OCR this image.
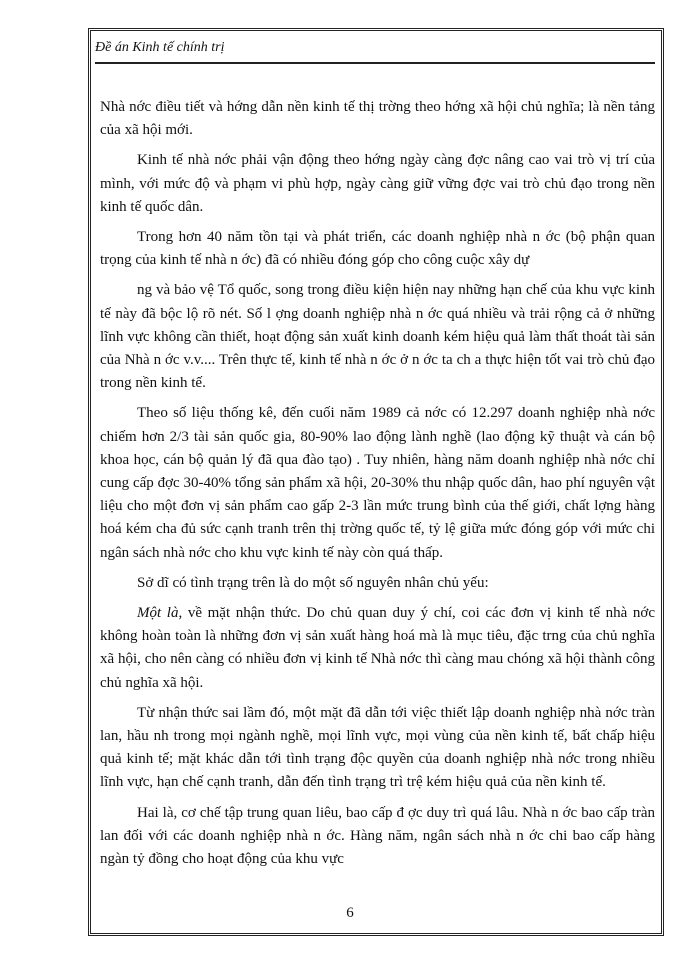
Đề án Kinh tế chính trị

Nhà nớc điều tiết và hớng dẫn nền kinh tế thị trờng theo hớng xã hội chủ nghĩa; là nền tảng của xã hội mới.

Kinh tế nhà nớc phải vận động theo hớng ngày càng đợc nâng cao vai trò vị trí của mình, với mức độ và phạm vi phù hợp, ngày càng giữ vững đợc vai trò chủ đạo trong nền kinh tế quốc dân.

Trong hơn 40 năm tồn tại và phát triển, các doanh nghiệp nhà n ớc (bộ phận quan trọng của kinh tế nhà n ớc) đã có nhiều đóng góp cho công cuộc xây dự

ng và bảo vệ Tổ quốc, song trong điều kiện hiện nay những hạn chế của khu vực kinh tế này đã bộc lộ rõ nét. Số l ợng doanh nghiệp nhà n ớc quá nhiều và trải rộng cả ở những lĩnh vực không cần thiết, hoạt động sản xuất kinh doanh kém hiệu quả làm thất thoát tài sản của Nhà n ớc v.v.... Trên thực tế, kinh tế nhà n ớc ở n ớc ta ch a thực hiện tốt vai trò chủ đạo trong nền kinh tế.

Theo số liệu thống kê, đến cuối năm 1989 cả nớc có 12.297 doanh nghiệp nhà nớc chiếm hơn 2/3 tài sản quốc gia, 80-90% lao động lành nghề (lao động kỹ thuật và cán bộ khoa học, cán bộ quản lý đã qua đào tạo) . Tuy nhiên, hàng năm doanh nghiệp nhà nớc chỉ cung cấp đợc 30-40% tổng sản phẩm xã hội, 20-30% thu nhập quốc dân, hao phí nguyên vật liệu cho một đơn vị sản phẩm cao gấp 2-3 lần mức trung bình của thế giới, chất lợng hàng hoá kém cha đủ sức cạnh tranh trên thị trờng quốc tế, tỷ lệ giữa mức đóng góp với mức chi ngân sách nhà nớc cho khu vực kinh tế này còn quá thấp.

Sở dĩ có tình trạng trên là do một số nguyên nhân chủ yếu:

Một là, về mặt nhận thức. Do chủ quan duy ý chí, coi các đơn vị kinh tế nhà nớc không hoàn toàn là những đơn vị sản xuất hàng hoá mà là mục tiêu, đặc trng của chủ nghĩa xã hội, cho nên càng có nhiều đơn vị kinh tế Nhà nớc thì càng mau chóng xã hội thành công chủ nghĩa xã hội.

Từ nhận thức sai lầm đó, một mặt đã dẫn tới việc thiết lập doanh nghiệp nhà nớc tràn lan, hầu nh trong mọi ngành nghề, mọi lĩnh vực, mọi vùng của nền kinh tế, bất chấp hiệu quả kinh tế; mặt khác dẫn tới tình trạng độc quyền của doanh nghiệp nhà nớc trong nhiều lĩnh vực, hạn chế cạnh tranh, dẫn đến tình trạng trì trệ kém hiệu quả của nền kinh tế.

Hai là, cơ chế tập trung quan liêu, bao cấp đ ợc duy trì quá lâu. Nhà n ớc bao cấp tràn lan đối với các doanh nghiệp nhà n ớc. Hàng năm, ngân sách nhà n ớc chi bao cấp hàng ngàn tỷ đồng cho hoạt động của khu vực

6
